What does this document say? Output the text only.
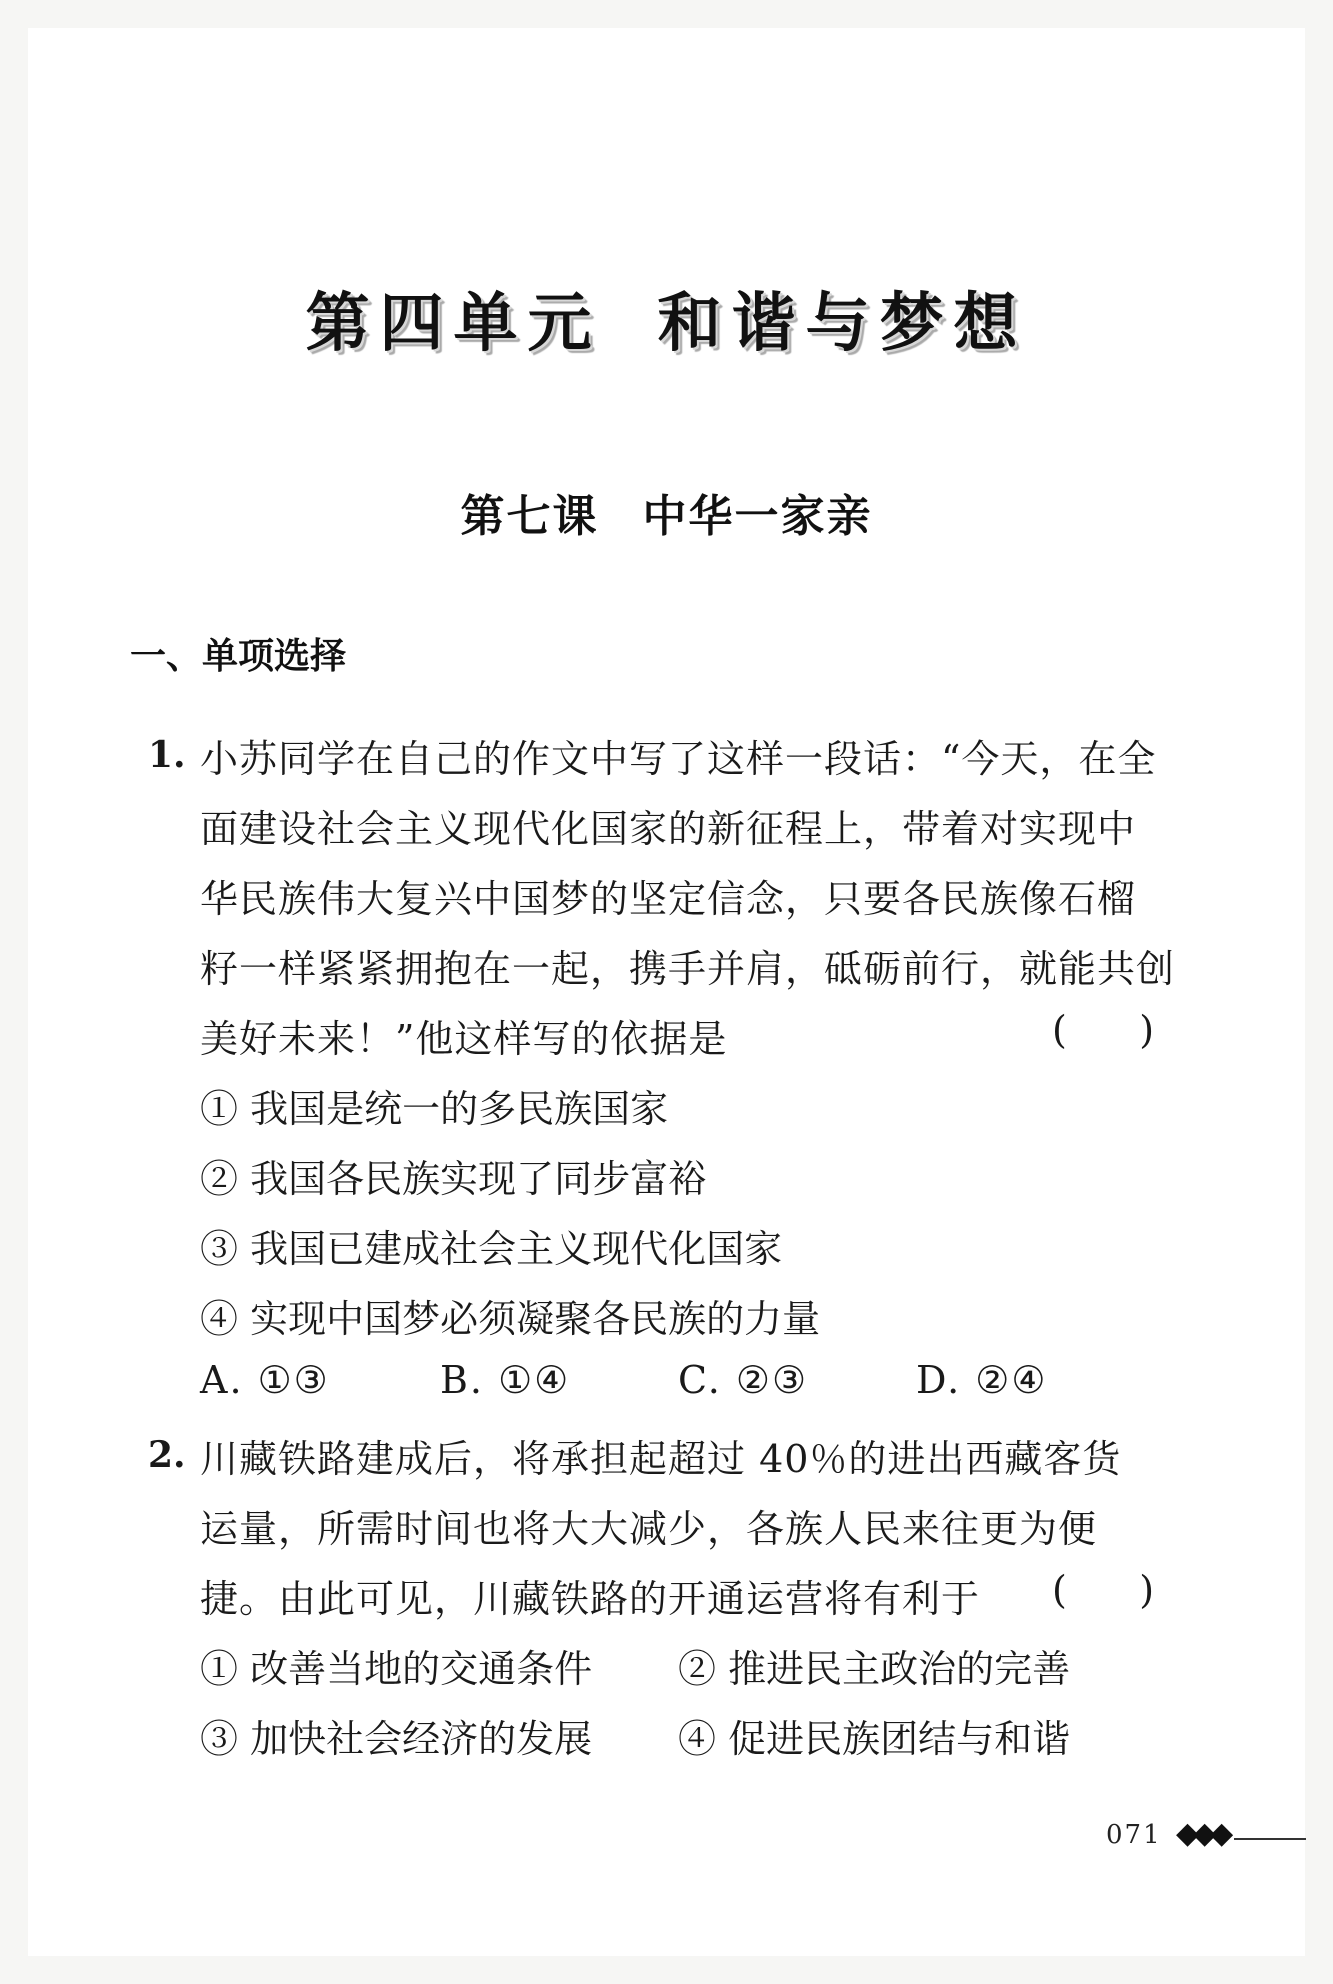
第四单元 和谐与梦想
第七课 中华一家亲
一、单项选择
1. 小苏同学在自己的作文中写了这样一段话：“今天，在全
面建设社会主义现代化国家的新征程上，带着对实现中
华民族伟大复兴中国梦的坚定信念，只要各民族像石榴
籽一样紧紧拥抱在一起，携手并肩，砥砺前行，就能共创
美好未来！”他这样写的依据是	(      )
① 我国是统一的多民族国家
② 我国各民族实现了同步富裕
③ 我国已建成社会主义现代化国家
④ 实现中国梦必须凝聚各民族的力量
A. ①③	B. ①④	C. ②③	D. ②④
2. 川藏铁路建成后，将承担起超过 40％的进出西藏客货
运量，所需时间也将大大减少，各族人民来往更为便
捷。由此可见，川藏铁路的开通运营将有利于 (      )
① 改善当地的交通条件 ② 推进民主政治的完善
③ 加快社会经济的发展 ④ 促进民族团结与和谐
071 ◆◆◆
